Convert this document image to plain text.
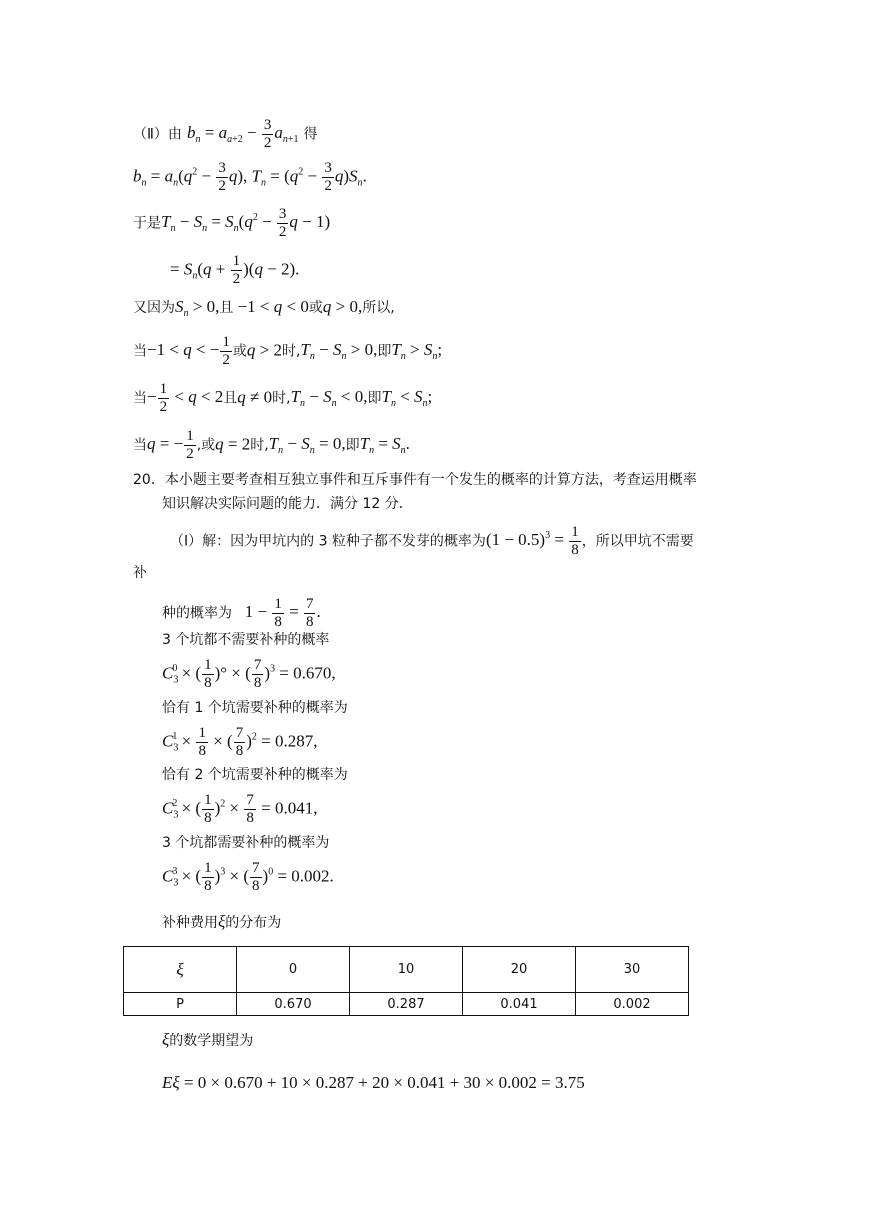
（Ⅱ）由 $b_n = a_{a+2} - \frac{3}{2} a_{n+1}$ 得
$b_n = a_n(q^2 - \frac{3}{2} q)$, $T_n = (q^2 - \frac{3}{2} q)S_n$.
于是$T_n - S_n = S_n(q^2 - \frac{3}{2}$ q − 1)
= $S_n(q + \frac{1}{2} )(q - 2)$.
又因为$S_n > 0$,且 −1 < q < 0或q > 0,所以,
当−1 < q < − $\frac{1}{2}$ 或q > 2时$,T_n - S_n > 0$,即$T_n > S_n$;
当− $\frac{1}{2} < q < 2$且q ≠ 0时$,T_n - S_n < 0$,即$T_n < S_n$;
当q = − $\frac{1}{2}$ ,或q = 2时$,T_n - S_n = 0$,即$T_n = S_n$.
20．本小题主要考查相互独立事件和互斥事件有一个发生的概率的计算方法，考查运用概率
知识解决实际问题的能力．满分 12 分．
（Ⅰ）解：因为甲坑内的 3 粒种子都不发芽的概率为$(1 - 0.5)^3 = \frac{1}{8}$ ，所以甲坑不需要
补
种的概率为   $1 - \frac{1}{8} = \frac{7}{8}$ .
3 个坑都不需要补种的概率
$C_3^0$ × ( $\frac{1}{8}$ )° × ( $\frac{7}{8} )^3 = 0.670$,
恰有 1 个坑需要补种的概率为
$C_3^1 \times \frac{1}{8}$ × ( $\frac{7}{8} )^2 = 0.287$,
恰有 2 个坑需要补种的概率为
$C_3^2$ × ( $\frac{1}{8} )^2 \times \frac{7}{8} = 0.041$,
3 个坑都需要补种的概率为
$C_3^3$ × ( $\frac{1}{8} )^3$ × ( $\frac{7}{8} )^0 = 0.002$.
补种费用ξ的分布为
ξ	0	10	20	30
P	0.670	0.287	0.041	0.002
ξ的数学期望为
Eξ = 0 × 0.670 + 10 × 0.287 + 20 × 0.041 + 30 × 0.002 = 3.75
